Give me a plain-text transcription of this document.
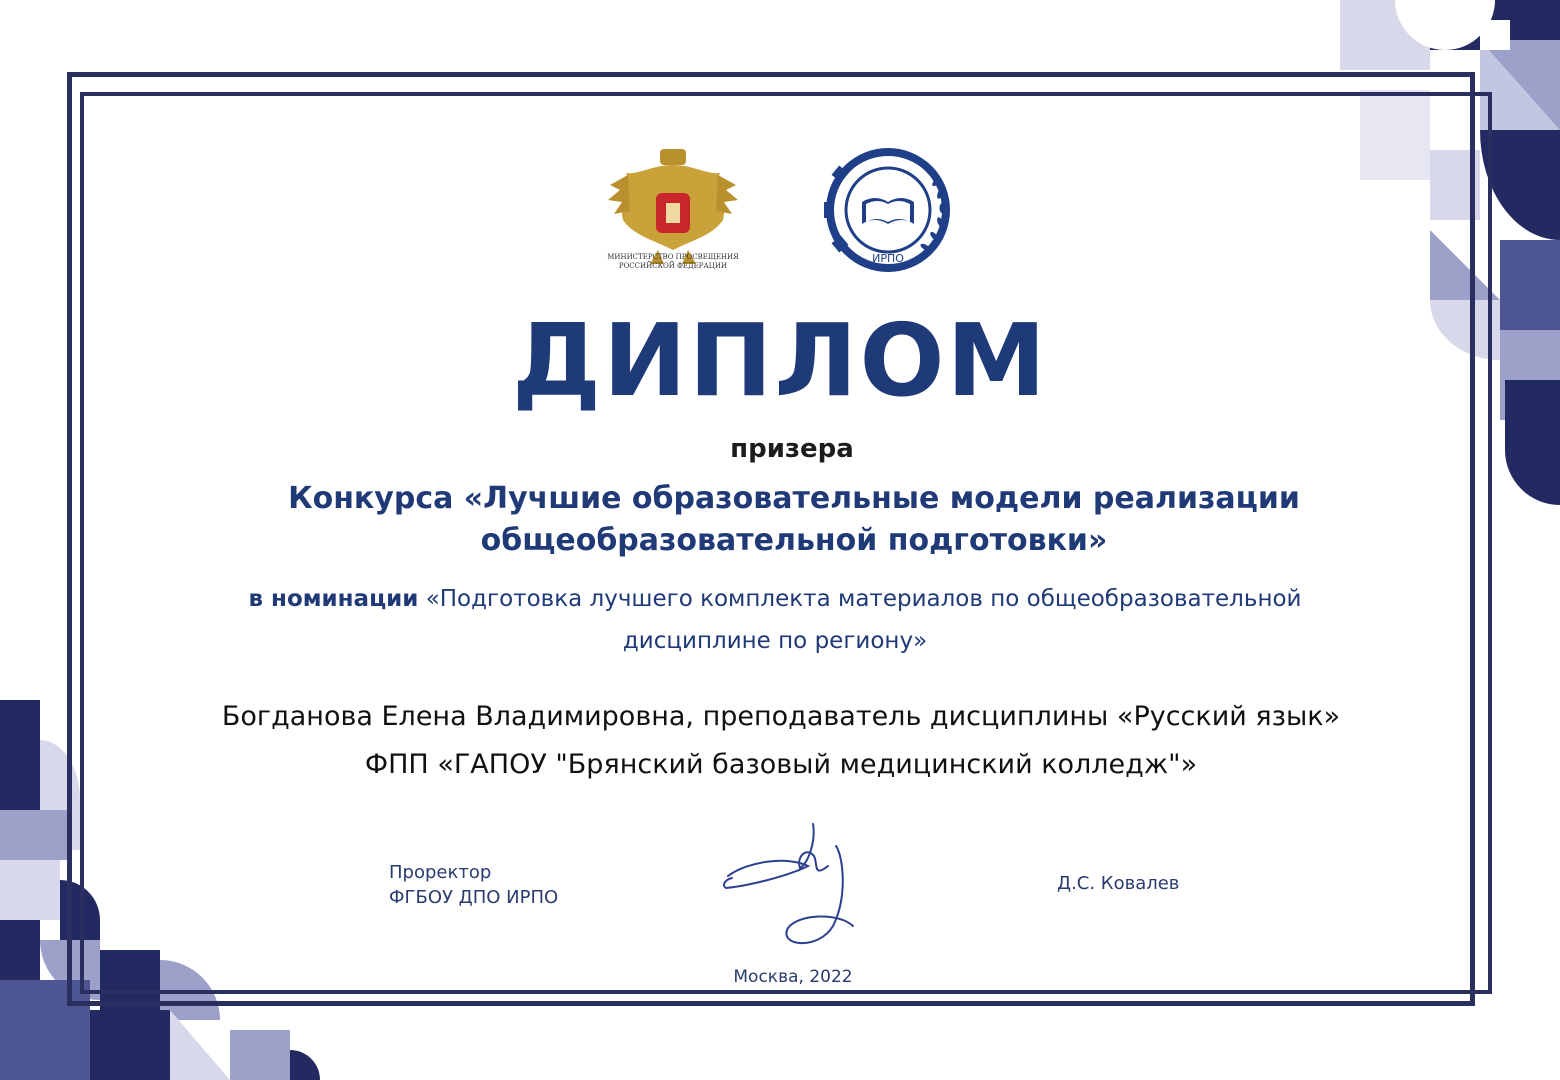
МИНИСТЕРСТВО ПРОСВЕЩЕНИЯ
РОССИЙСКОЙ ФЕДЕРАЦИИ
ИРПО
ДИПЛОМ
призера
Конкурса «Лучшие образовательные модели реализации
общеобразовательной подготовки»
в номинации «Подготовка лучшего комплекта материалов по общеобразовательной
дисциплине по региону»
Богданова Елена Владимировна, преподаватель дисциплины «Русский язык»
ФПП «ГАПОУ "Брянский базовый медицинский колледж"»
Проректор
ФГБОУ ДПО ИРПО
Д.С. Ковалев
Москва, 2022
